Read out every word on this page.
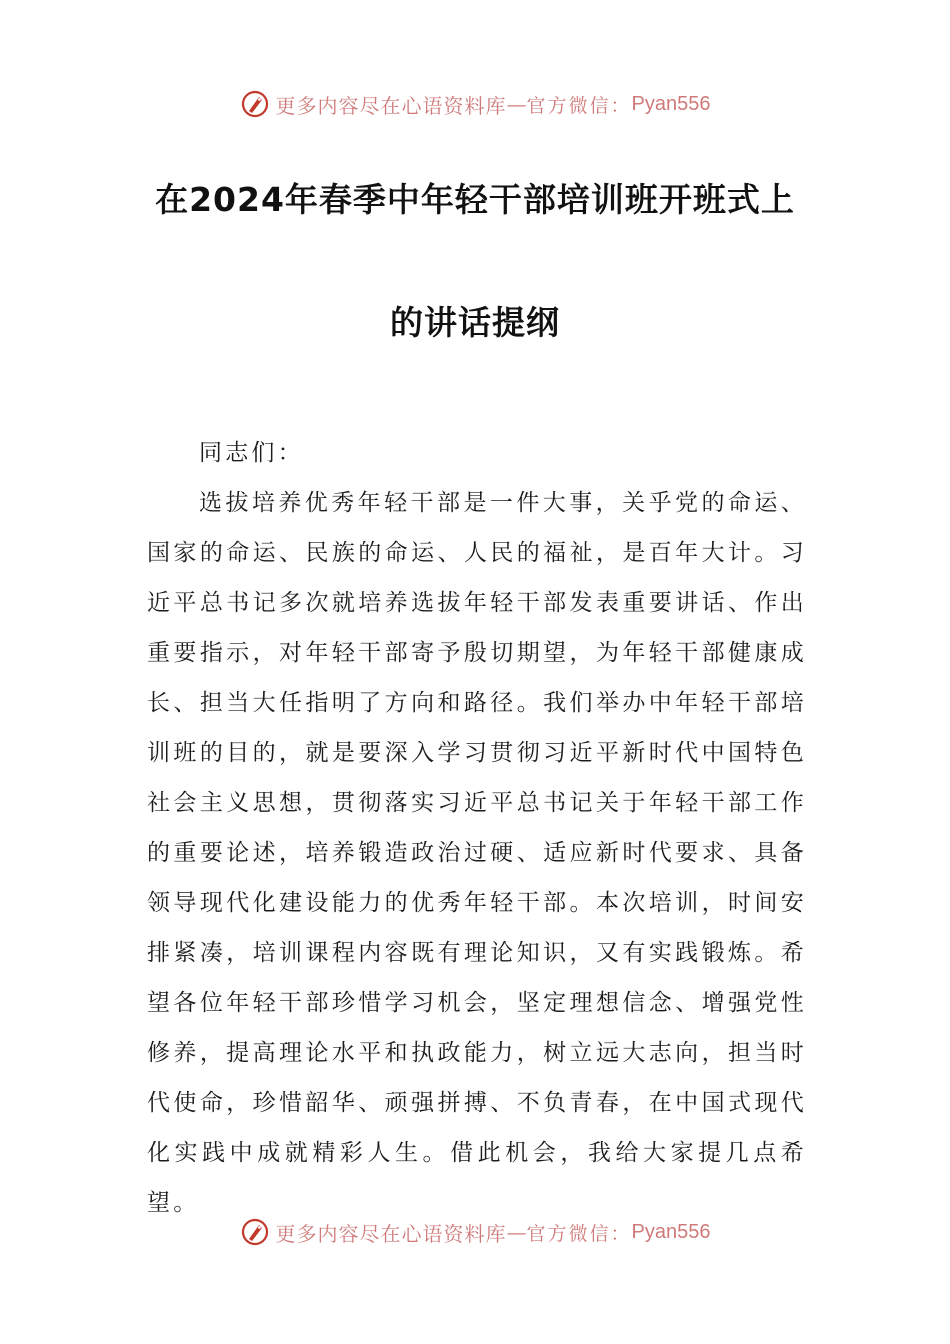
更多内容尽在心语资料库 — 官方微信： Pyan556
在2024年春季中年轻干部培训班开班式上
的讲话提纲

同志们：

选拔培养优秀年轻干部是一件大事，关乎党的命运、国家的命运、民族的命运、人民的福祉，是百年大计。习近平总书记多次就培养选拔年轻干部发表重要讲话、作出重要指示，对年轻干部寄予殷切期望，为年轻干部健康成长、担当大任指明了方向和路径。我们举办中年轻干部培训班的目的，就是要深入学习贯彻习近平新时代中国特色社会主义思想，贯彻落实习近平总书记关于年轻干部工作的重要论述，培养锻造政治过硬、适应新时代要求、具备领导现代化建设能力的优秀年轻干部。本次培训，时间安排紧凑，培训课程内容既有理论知识，又有实践锻炼。希望各位年轻干部珍惜学习机会，坚定理想信念、增强党性修养，提高理论水平和执政能力，树立远大志向，担当时代使命，珍惜韶华、顽强拼搏、不负青春，在中国式现代化实践中成就精彩人生。借此机会，我给大家提几点希望。

更多内容尽在心语资料库 — 官方微信： Pyan556
